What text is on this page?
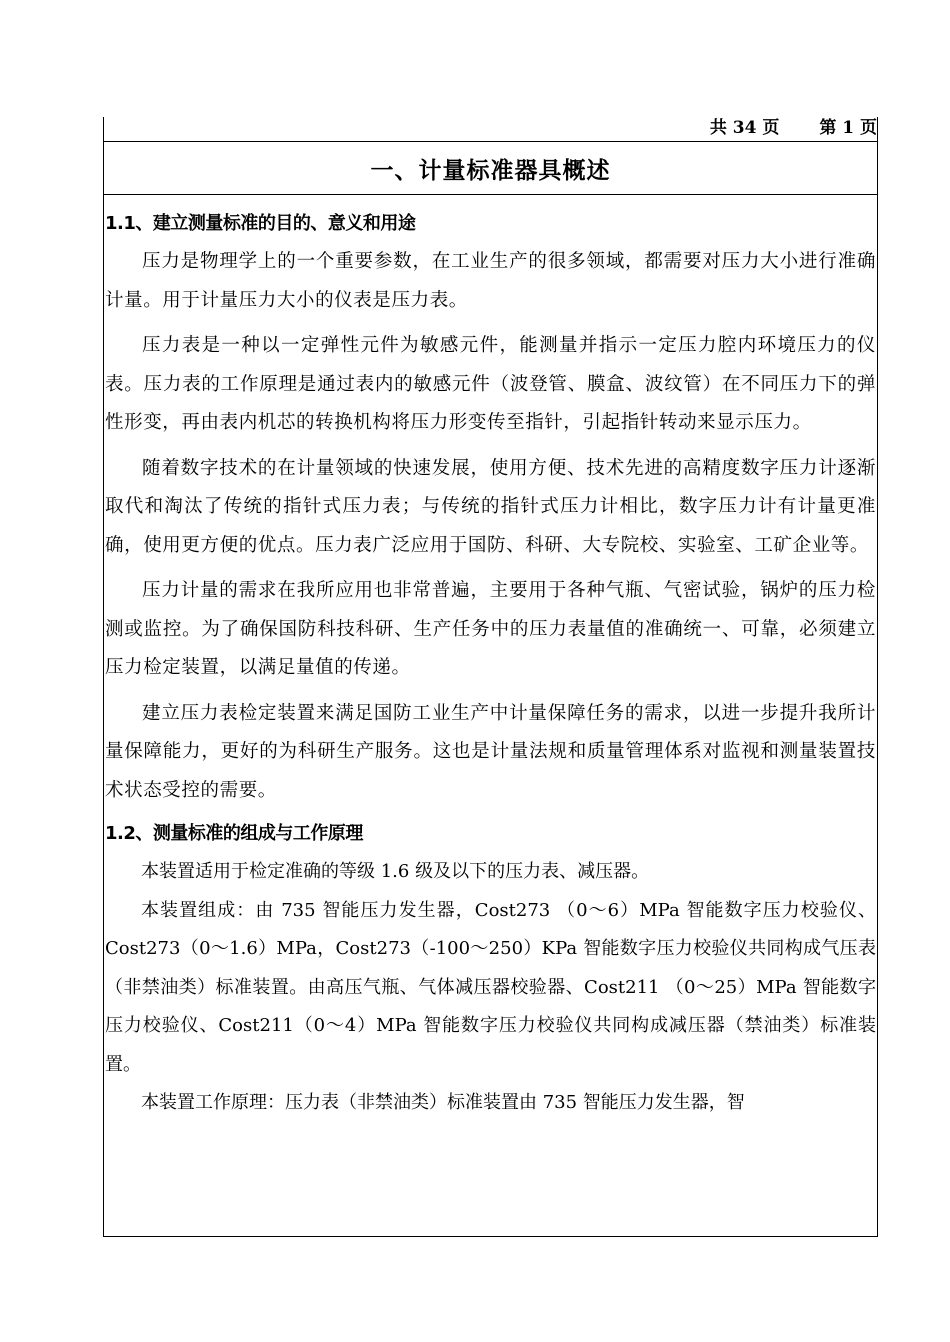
共 34 页 第 1 页
一、计量标准器具概述

1.1、建立测量标准的目的、意义和用途

压力是物理学上的一个重要参数，在工业生产的很多领域，都需要对压力大小进行准确计量。用于计量压力大小的仪表是压力表。

压力表是一种以一定弹性元件为敏感元件，能测量并指示一定压力腔内环境压力的仪表。压力表的工作原理是通过表内的敏感元件（波登管、膜盒、波纹管）在不同压力下的弹性形变，再由表内机芯的转换机构将压力形变传至指针，引起指针转动来显示压力。

随着数字技术的在计量领域的快速发展，使用方便、技术先进的高精度数字压力计逐渐取代和淘汰了传统的指针式压力表；与传统的指针式压力计相比，数字压力计有计量更准确，使用更方便的优点。压力表广泛应用于国防、科研、大专院校、实验室、工矿企业等。

压力计量的需求在我所应用也非常普遍，主要用于各种气瓶、气密试验，锅炉的压力检测或监控。为了确保国防科技科研、生产任务中的压力表量值的准确统一、可靠，必须建立压力检定装置，以满足量值的传递。

建立压力表检定装置来满足国防工业生产中计量保障任务的需求，以进一步提升我所计量保障能力，更好的为科研生产服务。这也是计量法规和质量管理体系对监视和测量装置技术状态受控的需要。

1.2、测量标准的组成与工作原理

本装置适用于检定准确的等级 1.6 级及以下的压力表、减压器。

本装置组成：由 735 智能压力发生器，Cost273 （0～6）MPa 智能数字压力校验仪、Cost273（0～1.6）MPa，Cost273（-100～250）KPa 智能数字压力校验仪共同构成气压表（非禁油类）标准装置。由高压气瓶、气体减压器校验器、Cost211 （0～25）MPa 智能数字压力校验仪、Cost211（0～4）MPa 智能数字压力校验仪共同构成减压器（禁油类）标准装置。

本装置工作原理：压力表（非禁油类）标准装置由 735 智能压力发生器，智
